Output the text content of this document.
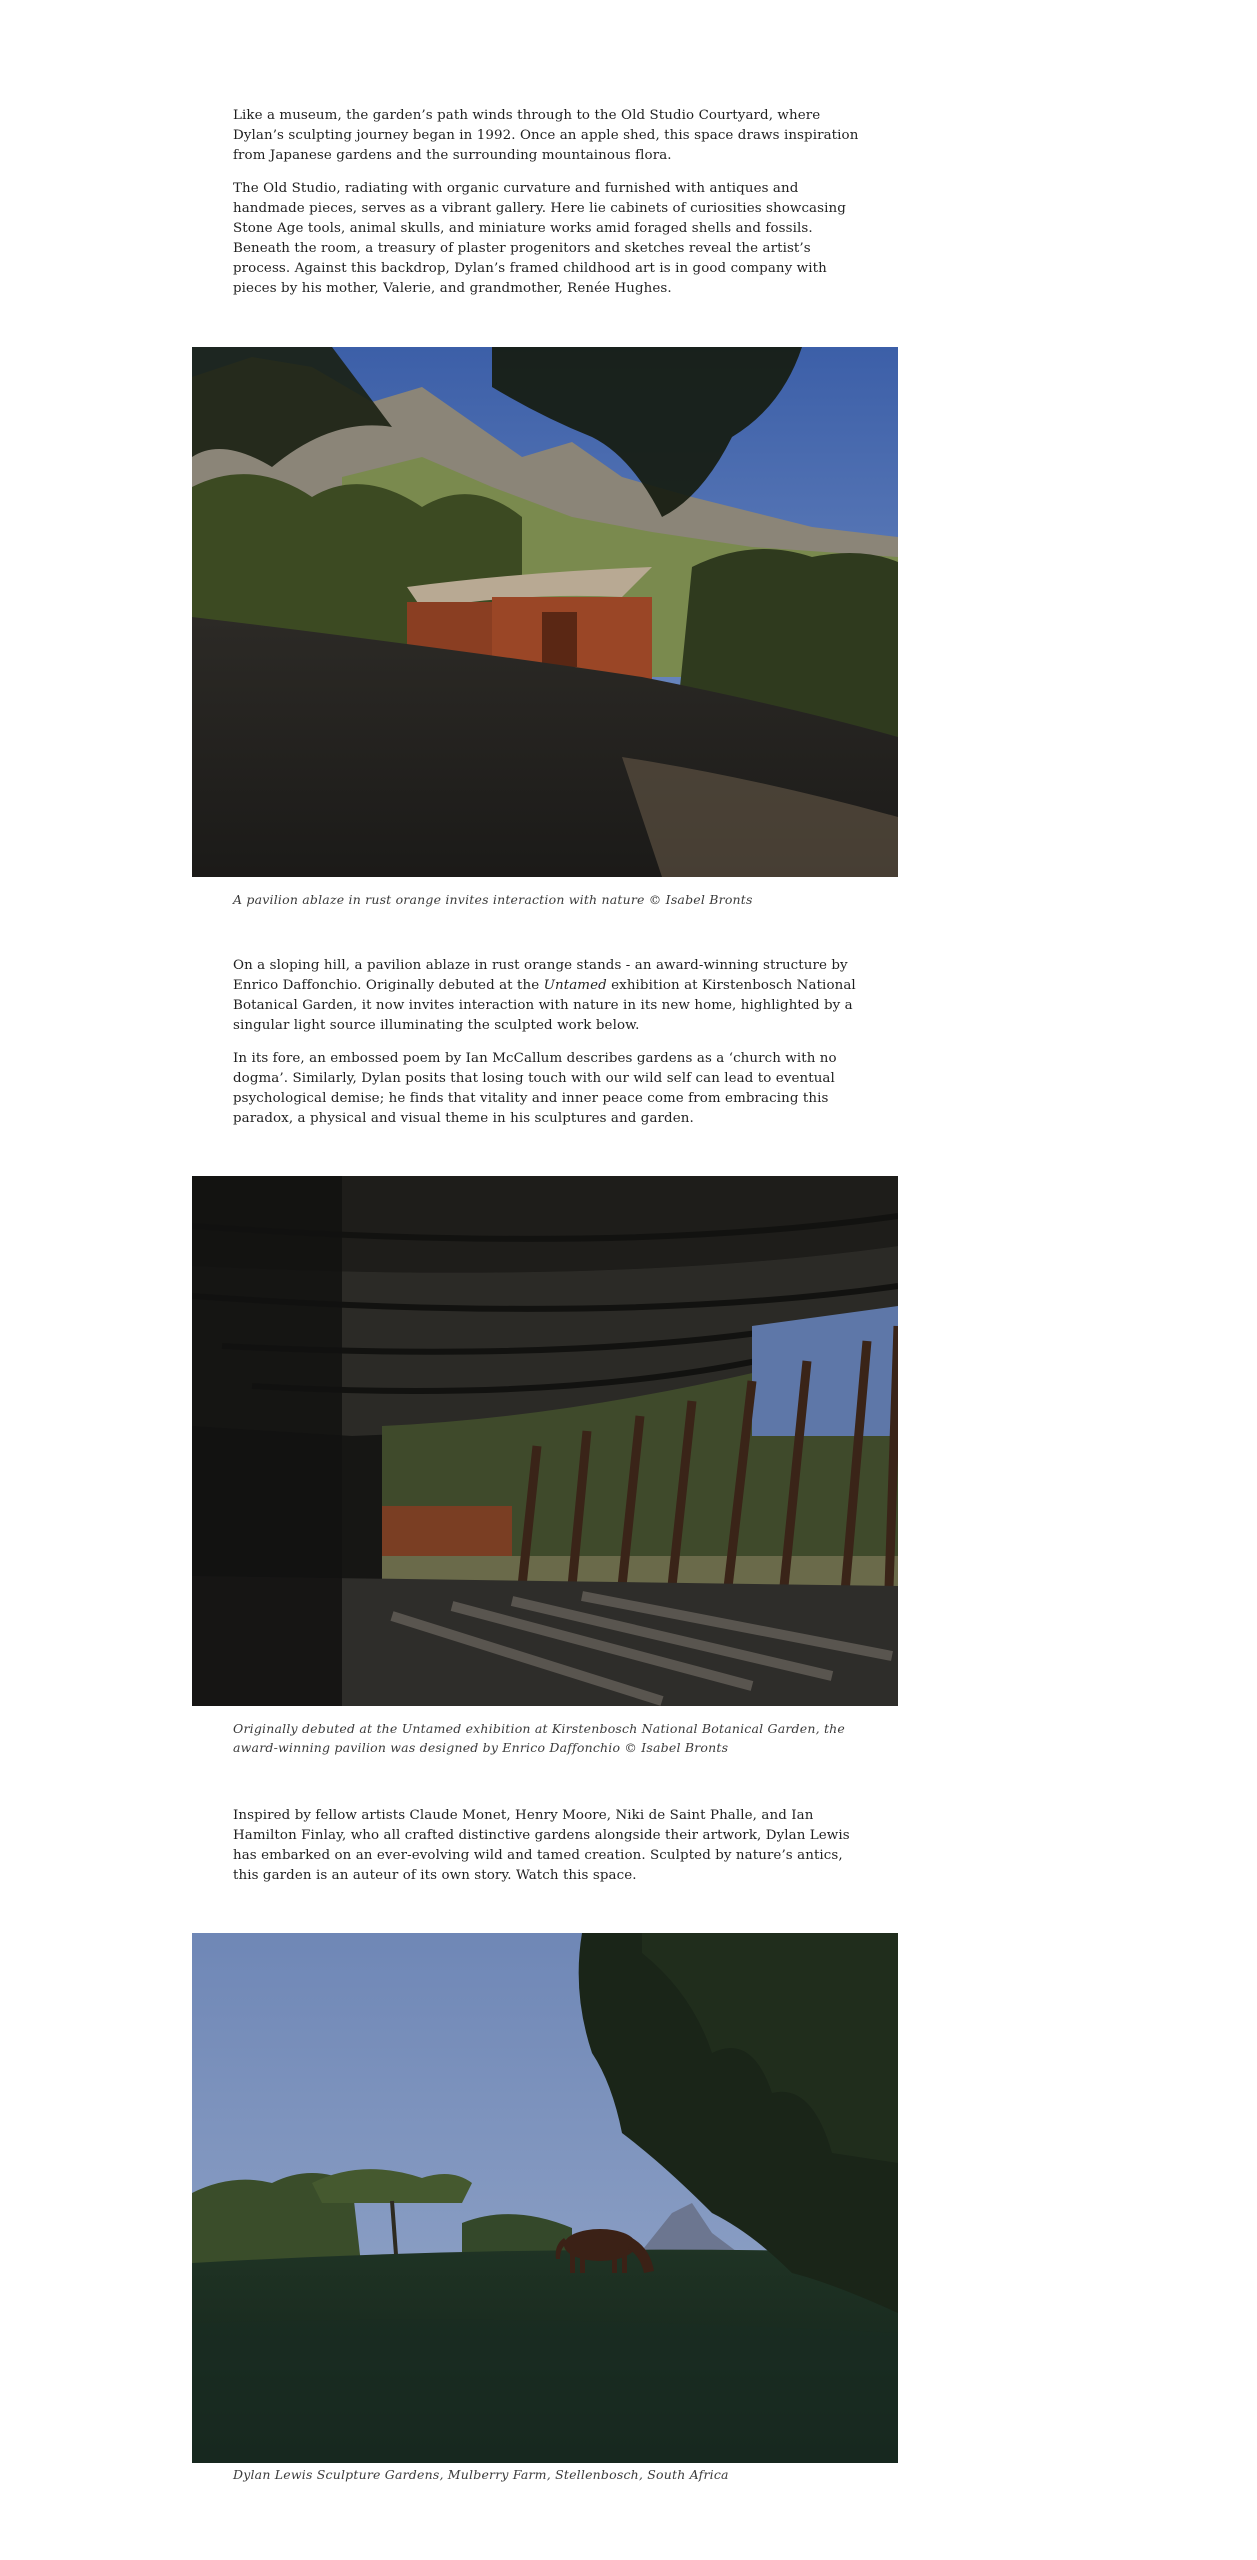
Like a museum, the garden’s path winds through to the Old Studio Courtyard, where Dylan’s sculpting journey began in 1992. Once an apple shed, this space draws inspiration from Japanese gardens and the surrounding mountainous flora.

The Old Studio, radiating with organic curvature and furnished with antiques and handmade pieces, serves as a vibrant gallery. Here lie cabinets of curiosities showcasing Stone Age tools, animal skulls, and miniature works amid foraged shells and fossils. Beneath the room, a treasury of plaster progenitors and sketches reveal the artist’s process. Against this backdrop, Dylan’s framed childhood art is in good company with pieces by his mother, Valerie, and grandmother, Renée Hughes.

A pavilion ablaze in rust orange invites interaction with nature © Isabel Bronts

On a sloping hill, a pavilion ablaze in rust orange stands - an award-winning structure by Enrico Daffonchio. Originally debuted at the Untamed exhibition at Kirstenbosch National Botanical Garden, it now invites interaction with nature in its new home, highlighted by a singular light source illuminating the sculpted work below.

In its fore, an embossed poem by Ian McCallum describes gardens as a ‘church with no dogma’. Similarly, Dylan posits that losing touch with our wild self can lead to eventual psychological demise; he finds that vitality and inner peace come from embracing this paradox, a physical and visual theme in his sculptures and garden.

Originally debuted at the Untamed exhibition at Kirstenbosch National Botanical Garden, the award-winning pavilion was designed by Enrico Daffonchio © Isabel Bronts

Inspired by fellow artists Claude Monet, Henry Moore, Niki de Saint Phalle, and Ian Hamilton Finlay, who all crafted distinctive gardens alongside their artwork, Dylan Lewis has embarked on an ever-evolving wild and tamed creation. Sculpted by nature’s antics, this garden is an auteur of its own story. Watch this space.

Dylan Lewis Sculpture Gardens, Mulberry Farm, Stellenbosch, South Africa
